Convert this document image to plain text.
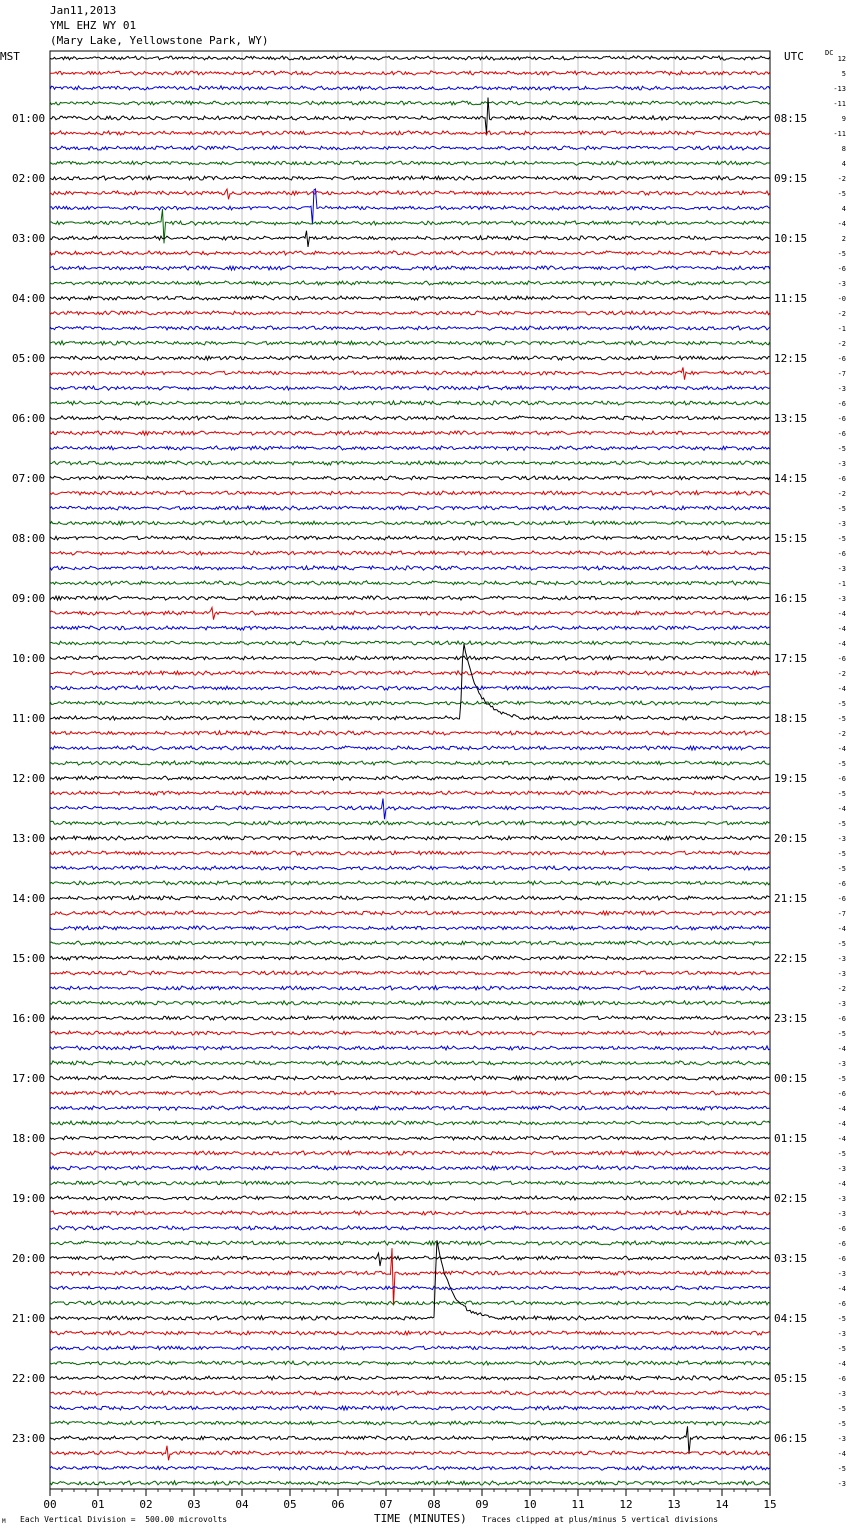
Jan11,2013
YML EHZ WY 01
(Mary Lake, Yellowstone Park, WY)
00	01	02	03	04	05	06	07	08	09	10	11	12	13	14	15
01:00
02:00
03:00
04:00
05:00
06:00
07:00
08:00
09:00
10:00
11:00
12:00
13:00
14:00
15:00
16:00
17:00
18:00
19:00
20:00
21:00
22:00
23:00
08:15
09:15
10:15
11:15
12:15
13:15
14:15
15:15
16:15
17:15
18:15
19:15
20:15
21:15
22:15
23:15
00:15
01:15
02:15
03:15
04:15
05:15
06:15
12
5
-13
-11
9
-11
8
4
-2
-5
4
-4
2
-5
-6
-3
-0
-2
-1
-2
-6
-7
-3
-6
-6
-6
-5
-3
-6
-2
-5
-3
-5
-6
-3
-1
-3
-4
-4
-4
-6
-2
-4
-5
-5
-2
-4
-5
-6
-5
-4
-5
-3
-5
-5
-6
-6
-7
-4
-5
-3
-3
-2
-3
-6
-5
-4
-3
-5
-6
-4
-4
-4
-5
-3
-4
-3
-3
-6
-6
-6
-3
-4
-6
-5
-3
-5
-4
-6
-3
-5
-5
-3
-4
-5
-3
MST	UTC	DC
M Each Vertical Division =  500.00 microvolts	TIME (MINUTES) Traces clipped at plus/minus 5 vertical divisions
